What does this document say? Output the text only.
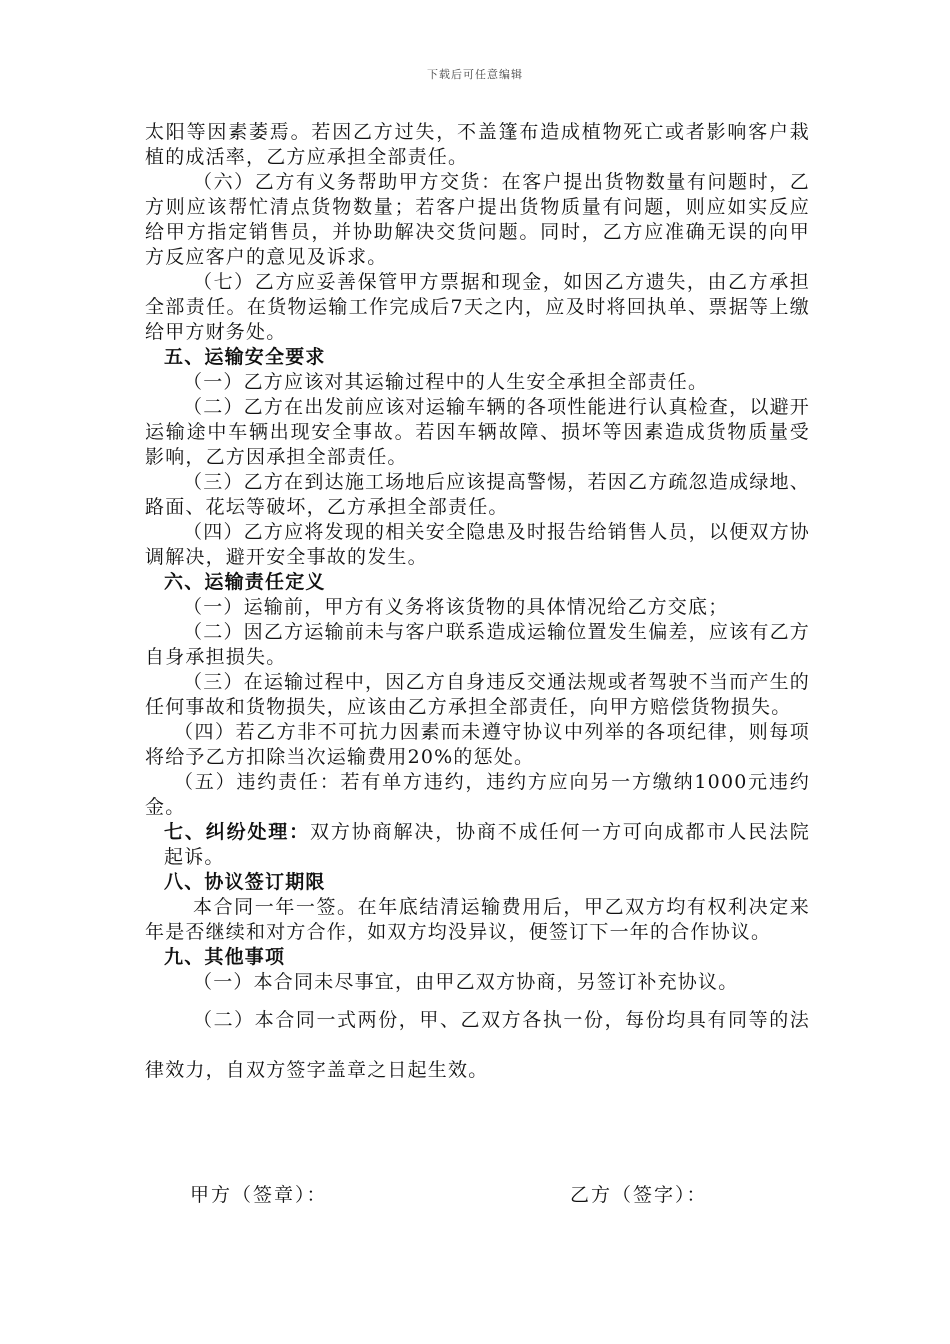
下载后可任意编辑

太阳等因素萎焉。若因乙方过失，不盖篷布造成植物死亡或者影响客户栽植的成活率，乙方应承担全部责任。

（六）乙方有义务帮助甲方交货：在客户提出货物数量有问题时，乙方则应该帮忙清点货物数量；若客户提出货物质量有问题，则应如实反应给甲方指定销售员，并协助解决交货问题。同时，乙方应准确无误的向甲方反应客户的意见及诉求。

（七）乙方应妥善保管甲方票据和现金，如因乙方遗失，由乙方承担全部责任。在货物运输工作完成后7天之内，应及时将回执单、票据等上缴给甲方财务处。

五、运输安全要求

（一）乙方应该对其运输过程中的人生安全承担全部责任。

（二）乙方在出发前应该对运输车辆的各项性能进行认真检查，以避开运输途中车辆出现安全事故。若因车辆故障、损坏等因素造成货物质量受影响，乙方因承担全部责任。

（三）乙方在到达施工场地后应该提高警惕，若因乙方疏忽造成绿地、路面、花坛等破坏，乙方承担全部责任。

（四）乙方应将发现的相关安全隐患及时报告给销售人员，以便双方协调解决，避开安全事故的发生。

六、运输责任定义

（一）运输前，甲方有义务将该货物的具体情况给乙方交底；

（二）因乙方运输前未与客户联系造成运输位置发生偏差，应该有乙方自身承担损失。

（三）在运输过程中，因乙方自身违反交通法规或者驾驶不当而产生的任何事故和货物损失，应该由乙方承担全部责任，向甲方赔偿货物损失。

（四）若乙方非不可抗力因素而未遵守协议中列举的各项纪律，则每项将给予乙方扣除当次运输费用20%的惩处。

（五）违约责任：若有单方违约，违约方应向另一方缴纳1000元违约金。

七、纠纷处理：双方协商解决，协商不成任何一方可向成都市人民法院起诉。

八、协议签订期限

本合同一年一签。在年底结清运输费用后，甲乙双方均有权利决定来年是否继续和对方合作，如双方均没异议，便签订下一年的合作协议。

九、其他事项

（一）本合同未尽事宜，由甲乙双方协商，另签订补充协议。

（二）本合同一式两份，甲、乙双方各执一份，每份均具有同等的法律效力，自双方签字盖章之日起生效。

甲方（签章）：	乙方（签字）：
